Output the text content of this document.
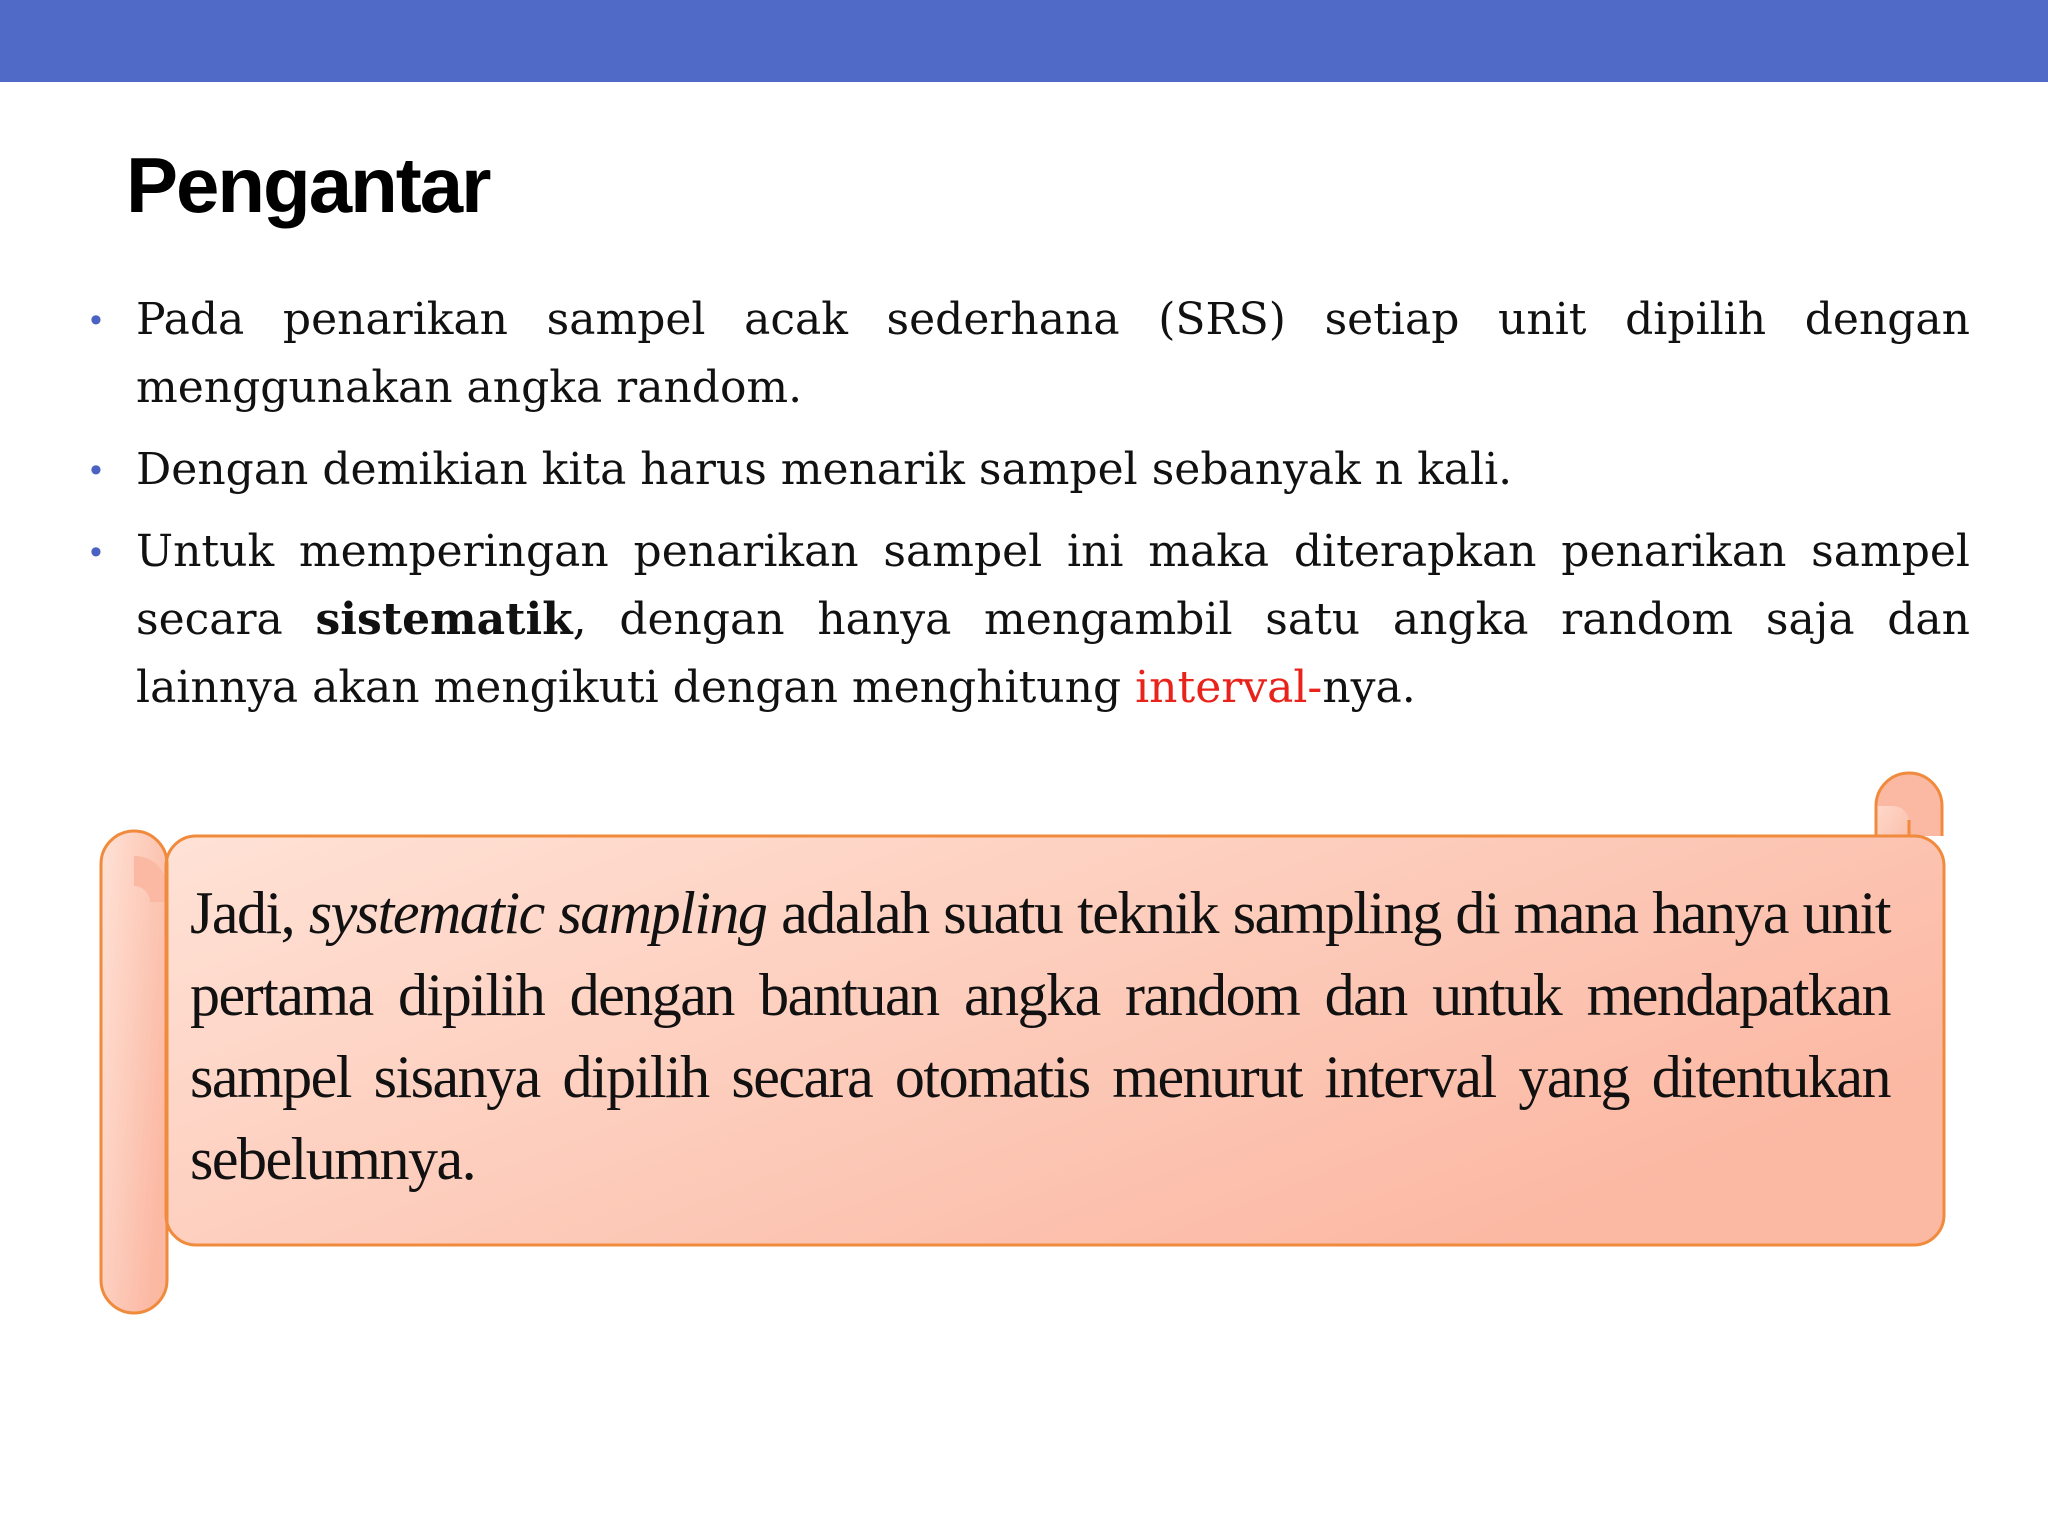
Pengantar
• Pada penarikan sampel acak sederhana (SRS) setiap unit dipilih dengan menggunakan angka random.
• Dengan demikian kita harus menarik sampel sebanyak n kali.
• Untuk memperingan penarikan sampel ini maka diterapkan penarikan sampel secara sistematik, dengan hanya mengambil satu angka random saja dan lainnya akan mengikuti dengan menghitung interval-nya.

Jadi, systematic sampling adalah suatu teknik sampling di mana hanya unit pertama dipilih dengan bantuan angka random dan untuk mendapatkan sampel sisanya dipilih secara otomatis menurut interval yang ditentukan sebelumnya.
